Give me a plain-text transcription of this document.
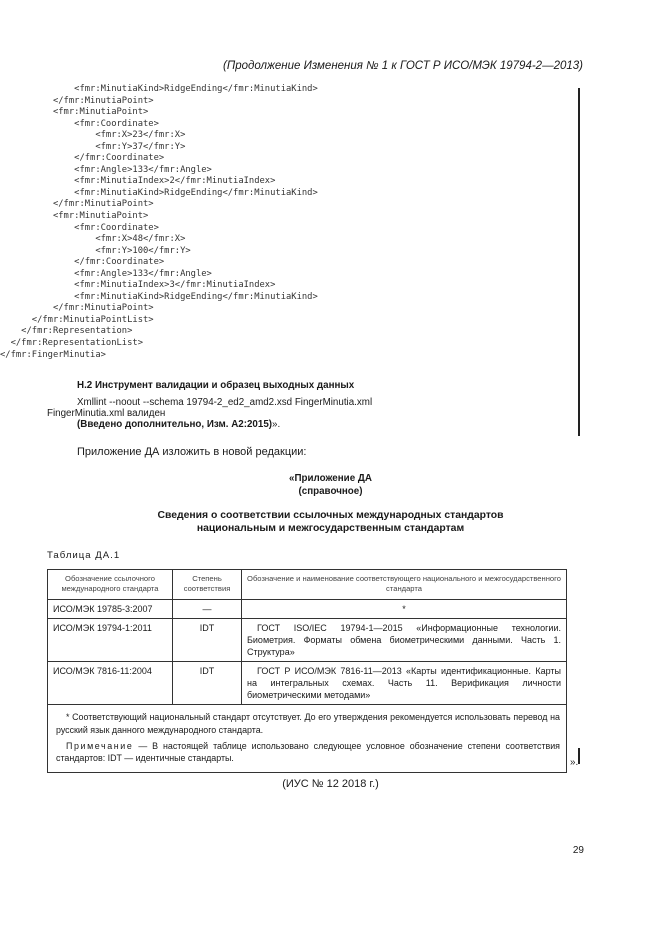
(Продолжение Изменения № 1 к ГОСТ Р ИСО/МЭК 19794-2—2013)
<fmr:MinutiaKind>RidgeEnding</fmr:MinutiaKind>
</fmr:MinutiaPoint>
<fmr:MinutiaPoint>
<fmr:Coordinate>
<fmr:X>23</fmr:X>
<fmr:Y>37</fmr:Y>
</fmr:Coordinate>
<fmr:Angle>133</fmr:Angle>
<fmr:MinutiaIndex>2</fmr:MinutiaIndex>
<fmr:MinutiaKind>RidgeEnding</fmr:MinutiaKind>
</fmr:MinutiaPoint>
<fmr:MinutiaPoint>
<fmr:Coordinate>
<fmr:X>48</fmr:X>
<fmr:Y>100</fmr:Y>
</fmr:Coordinate>
<fmr:Angle>133</fmr:Angle>
<fmr:MinutiaIndex>3</fmr:MinutiaIndex>
<fmr:MinutiaKind>RidgeEnding</fmr:MinutiaKind>
</fmr:MinutiaPoint>
</fmr:MinutiaPointList>
</fmr:Representation>
</fmr:RepresentationList>
</fmr:FingerMinutia>
Н.2 Инструмент валидации и образец выходных данных
Xmllint --noout --schema 19794-2_ed2_amd2.xsd FingerMinutia.xml
FingerMinutia.xml валиден
(Введено дополнительно, Изм. А2:2015)».
Приложение ДА изложить в новой редакции:
«Приложение ДА
(справочное)
Сведения о соответствии ссылочных международных стандартов
национальным и межгосударственным стандартам
Таблица ДА.1
Обозначение ссылочного международного стандарта	Степень соответствия	Обозначение и наименование соответствующего национального и межгосударственного стандарта
ИСО/МЭК 19785-3:2007	—	*
ИСО/МЭК 19794-1:2011	IDT	ГОСТ ISO/IEC 19794-1—2015 «Информационные технологии. Биометрия. Форматы обмена биометрическими данными. Часть 1. Структура»
ИСО/МЭК 7816-11:2004	IDT	ГОСТ Р ИСО/МЭК 7816-11—2013 «Карты идентификационные. Карты на интегральных схемах. Часть 11. Верификация личности биометрическими методами»

* Соответствующий национальный стандарт отсутствует. До его утверждения рекомендуется использовать перевод на русский язык данного международного стандарта.

Примечание — В настоящей таблице использовано следующее условное обозначение степени соответствия стандартов: IDT — идентичные стандарты.			».
(ИУС № 12 2018 г.)
29
